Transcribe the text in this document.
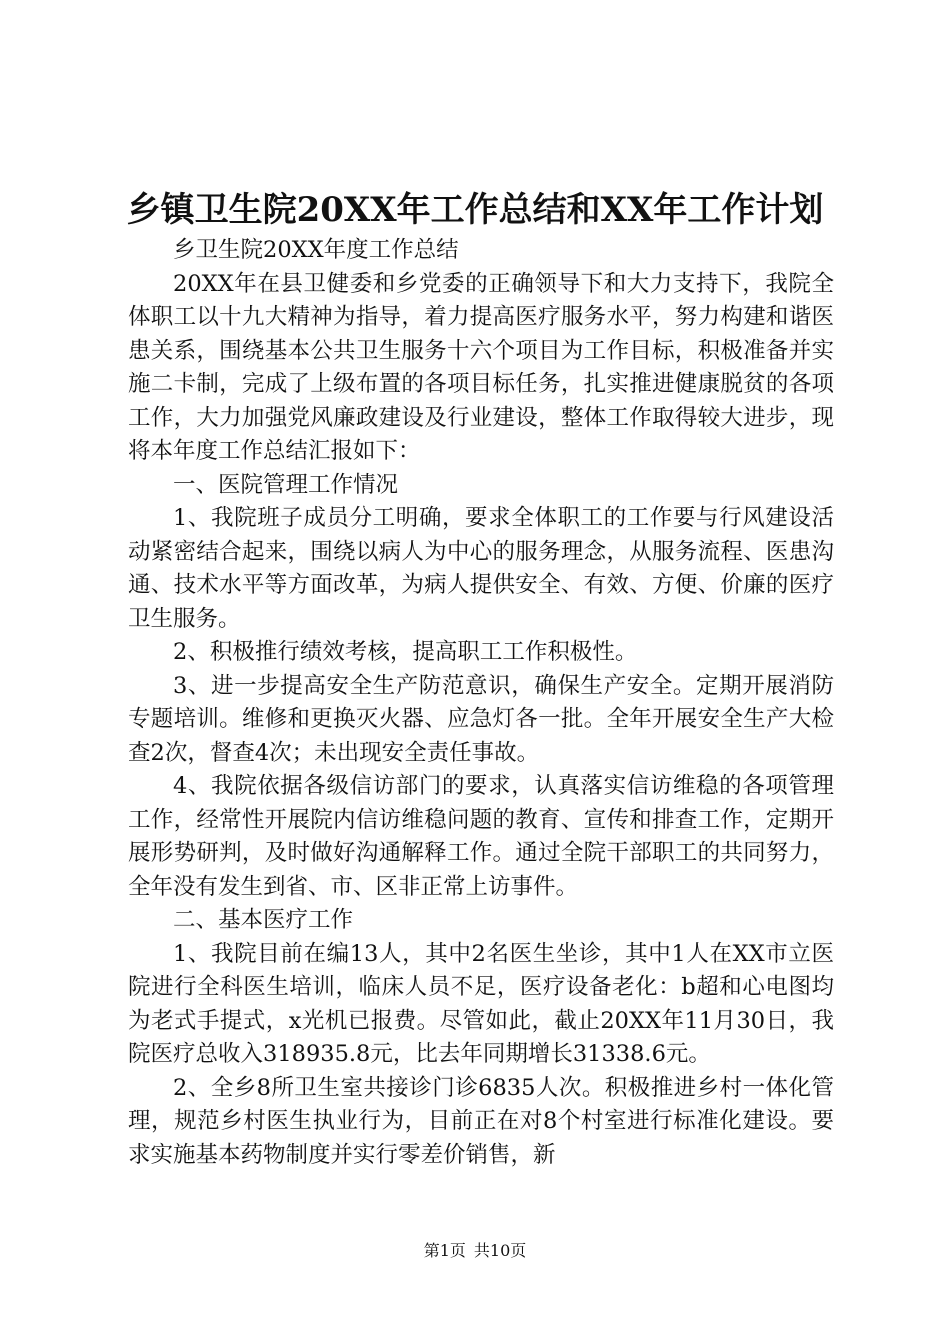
乡镇卫生院20XX年工作总结和XX年工作计划

乡卫生院20XX年度工作总结

20XX年在县卫健委和乡党委的正确领导下和大力支持下，我院全体职工以十九大精神为指导，着力提高医疗服务水平，努力构建和谐医患关系，围绕基本公共卫生服务十六个项目为工作目标，积极准备并实施二卡制，完成了上级布置的各项目标任务，扎实推进健康脱贫的各项工作，大力加强党风廉政建设及行业建设，整体工作取得较大进步，现将本年度工作总结汇报如下：

一、医院管理工作情况

1、我院班子成员分工明确，要求全体职工的工作要与行风建设活动紧密结合起来，围绕以病人为中心的服务理念，从服务流程、医患沟通、技术水平等方面改革，为病人提供安全、有效、方便、价廉的医疗卫生服务。

2、积极推行绩效考核，提高职工工作积极性。

3、进一步提高安全生产防范意识，确保生产安全。定期开展消防专题培训。维修和更换灭火器、应急灯各一批。全年开展安全生产大检查2次，督查4次；未出现安全责任事故。

4、我院依据各级信访部门的要求，认真落实信访维稳的各项管理工作，经常性开展院内信访维稳问题的教育、宣传和排查工作，定期开展形势研判，及时做好沟通解释工作。通过全院干部职工的共同努力，全年没有发生到省、市、区非正常上访事件。

二、基本医疗工作

1、我院目前在编13人，其中2名医生坐诊，其中1人在XX市立医院进行全科医生培训，临床人员不足，医疗设备老化：b超和心电图均为老式手提式，x光机已报费。尽管如此，截止20XX年11月30日，我院医疗总收入318935.8元，比去年同期增长31338.6元。

2、全乡8所卫生室共接诊门诊6835人次。积极推进乡村一体化管理，规范乡村医生执业行为，目前正在对8个村室进行标准化建设。要求实施基本药物制度并实行零差价销售，新

第1页 共10页
